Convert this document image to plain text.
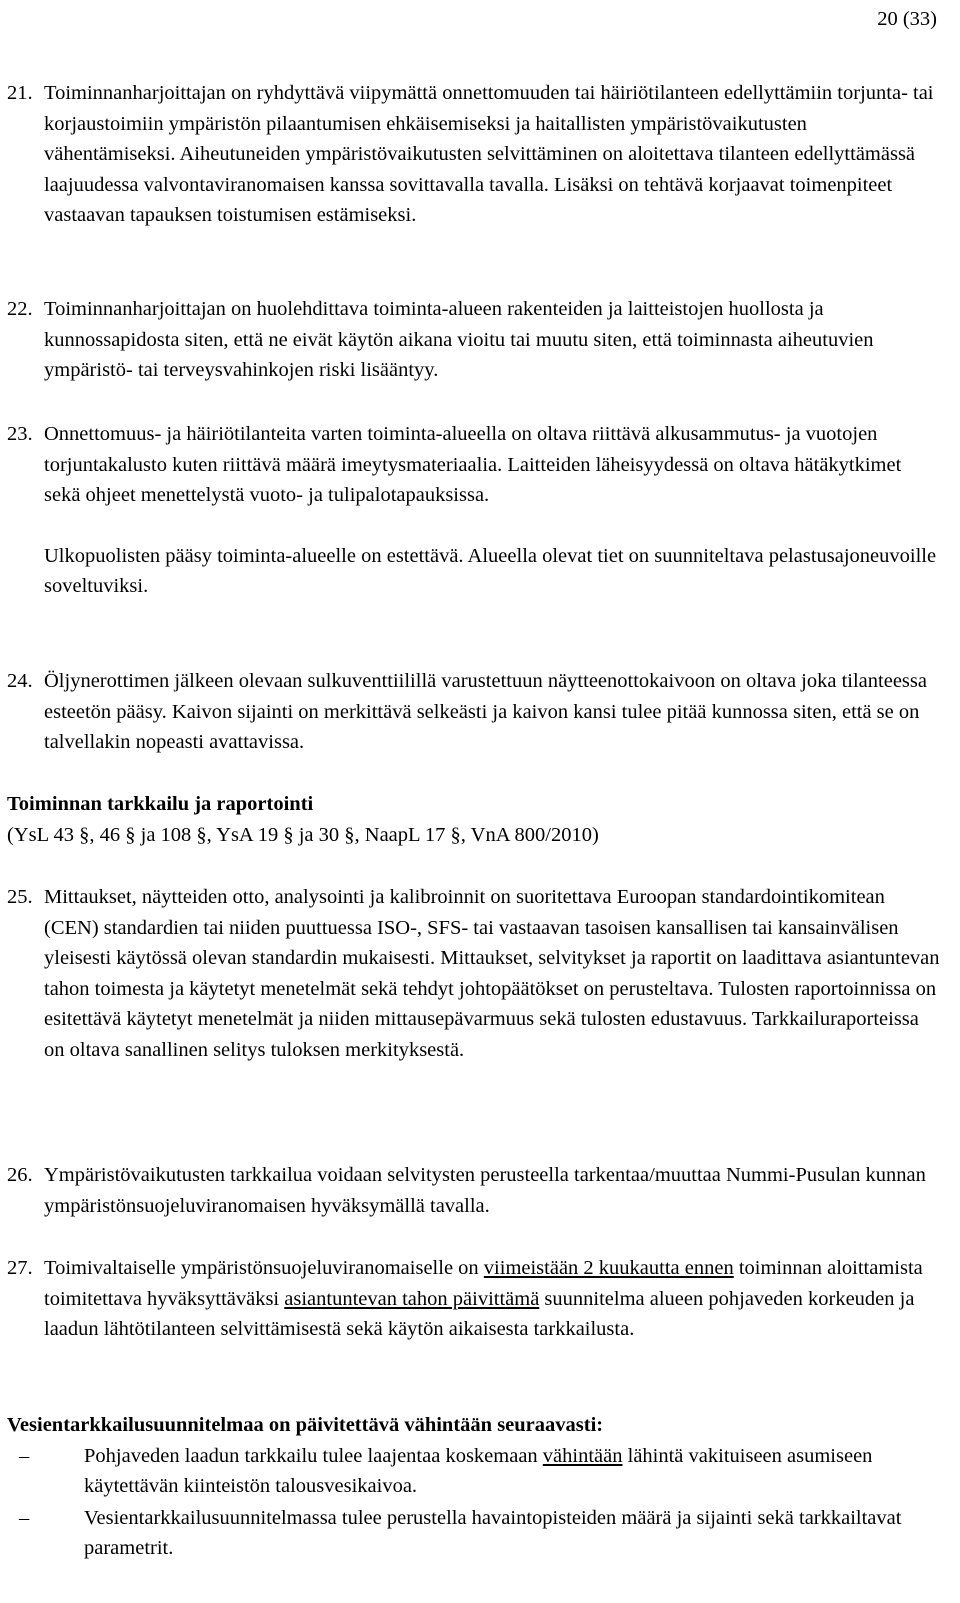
20 (33)
21. Toiminnanharjoittajan on ryhdyttävä viipymättä onnettomuuden tai häiriötilanteen edellyttämiin torjunta- tai korjaustoimiin ympäristön pilaantumisen ehkäisemiseksi ja haitallisten ympäristövaikutusten vähentämiseksi. Aiheutuneiden ympäristövaikutusten selvittäminen on aloitettava tilanteen edellyttämässä laajuudessa valvontaviranomaisen kanssa sovittavalla tavalla. Lisäksi on tehtävä korjaavat toimenpiteet vastaavan tapauksen toistumisen estämiseksi.
22. Toiminnanharjoittajan on huolehdittava toiminta-alueen rakenteiden ja laitteistojen huollosta ja kunnossapidosta siten, että ne eivät käytön aikana vioitu tai muutu siten, että toiminnasta aiheutuvien ympäristö- tai terveysvahinkojen riski lisääntyy.
23. Onnettomuus- ja häiriötilanteita varten toiminta-alueella on oltava riittävä alkusammutus- ja vuotojen torjuntakalusto kuten riittävä määrä imeytysmateriaalia. Laitteiden läheisyydessä on oltava hätäkytkimet sekä ohjeet menettelystä vuoto- ja tulipalotapauksissa.
Ulkopuolisten pääsy toiminta-alueelle on estettävä. Alueella olevat tiet on suunniteltava pelastusajoneuvoille soveltuviksi.
24. Öljynerottimen jälkeen olevaan sulkuventtiilillä varustettuun näytteenottokaivoon on oltava joka tilanteessa esteetön pääsy. Kaivon sijainti on merkittävä selkeästi ja kaivon kansi tulee pitää kunnossa siten, että se on talvellakin nopeasti avattavissa.
Toiminnan tarkkailu ja raportointi
(YsL 43 §, 46 § ja 108 §, YsA 19 § ja 30 §, NaapL 17 §, VnA 800/2010)
25. Mittaukset, näytteiden otto, analysointi ja kalibroinnit on suoritettava Euroopan standardointikomitean (CEN) standardien tai niiden puuttuessa ISO-, SFS- tai vastaavan tasoisen kansallisen tai kansainvälisen yleisesti käytössä olevan standardin mukaisesti. Mittaukset, selvitykset ja raportit on laadittava asiantuntevan tahon toimesta ja käytetyt menetelmät sekä tehdyt johtopäätökset on perusteltava. Tulosten raportoinnissa on esitettävä käytetyt menetelmät ja niiden mittausepävarmuus sekä tulosten edustavuus. Tarkkailuraporteissa on oltava sanallinen selitys tuloksen merkityksestä.
26. Ympäristövaikutusten tarkkailua voidaan selvitysten perusteella tarkentaa/muuttaa Nummi-Pusulan kunnan ympäristönsuojeluviranomaisen hyväksymällä tavalla.
27. Toimivaltaiselle ympäristönsuojeluviranomaiselle on viimeistään 2 kuukautta ennen toiminnan aloittamista toimitettava hyväksyttäväksi asiantuntevan tahon päivittämä suunnitelma alueen pohjaveden korkeuden ja laadun lähtötilanteen selvittämisestä sekä käytön aikaisesta tarkkailusta.
Vesientarkkailusuunnitelmaa on päivitettävä vähintään seuraavasti:
–	Pohjaveden laadun tarkkailu tulee laajentaa koskemaan vähintään lähintä vakituiseen asumiseen käytettävän kiinteistön talousvesikaivoa.
–	Vesientarkkailusuunnitelmassa tulee perustella havaintopisteiden määrä ja sijainti sekä tarkkailtavat parametrit.
